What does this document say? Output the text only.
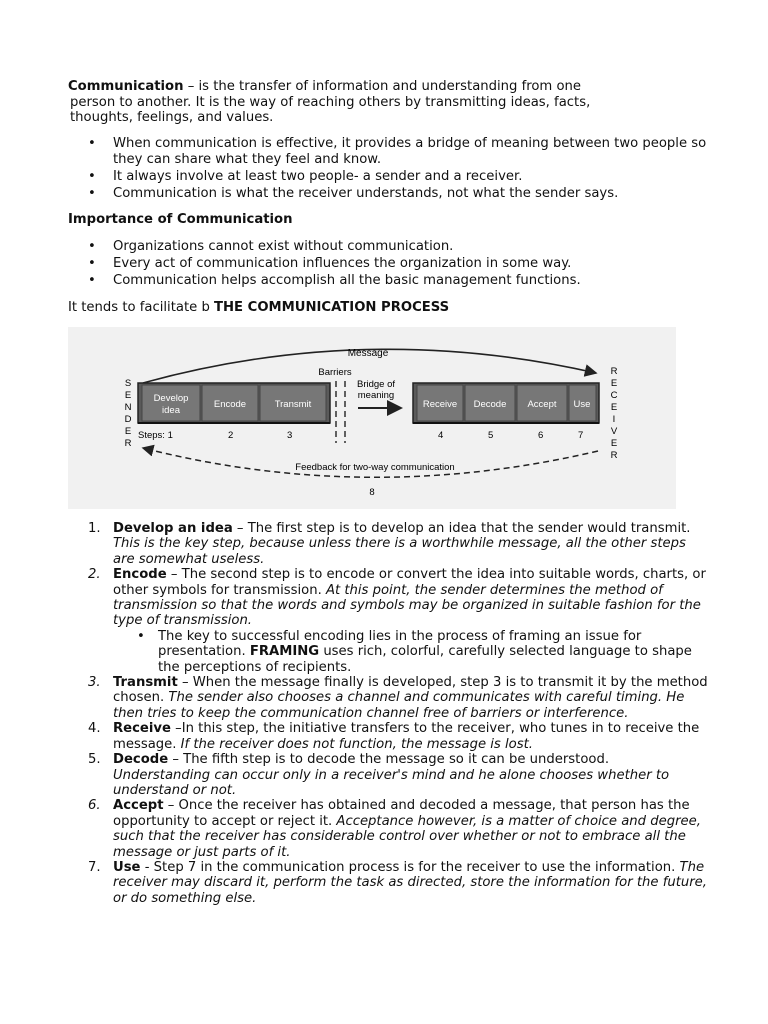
Communication – is the transfer of information and understanding from one
person to another. It is the way of reaching others by transmitting ideas, facts,
thoughts, feelings, and values.
• When communication is effective, it provides a bridge of meaning between two people so they can share what they feel and know.
• It always involve at least two people- a sender and a receiver.
• Communication is what the receiver understands, not what the sender says.
Importance of Communication
• Organizations cannot exist without communication.
• Every act of communication influences the organization in some way.
• Communication helps accomplish all the basic management functions.
It tends to facilitate b THE COMMUNICATION PROCESS
Message
S
E
N
D
E
R
R
E
C
E
I
V
E
R
Develop
idea
Encode	Transmit
Barriers
Bridge of
meaning
Receive Decode Accept Use
Steps: 1	2	3	4	5	6	7
Feedback for two-way communication
8
1. Develop an idea – The first step is to develop an idea that the sender would transmit. This is the key step, because unless there is a worthwhile message, all the other steps are somewhat useless.
2. Encode – The second step is to encode or convert the idea into suitable words, charts, or other symbols for transmission. At this point, the sender determines the method of transmission so that the words and symbols may be organized in suitable fashion for the type of transmission.
• The key to successful encoding lies in the process of framing an issue for presentation. FRAMING uses rich, colorful, carefully selected language to shape the perceptions of recipients.
3. Transmit – When the message finally is developed, step 3 is to transmit it by the method chosen. The sender also chooses a channel and communicates with careful timing. He then tries to keep the communication channel free of barriers or interference.
4. Receive –In this step, the initiative transfers to the receiver, who tunes in to receive the message. If the receiver does not function, the message is lost.
5. Decode – The fifth step is to decode the message so it can be understood. Understanding can occur only in a receiver's mind and he alone chooses whether to understand or not.
6. Accept – Once the receiver has obtained and decoded a message, that person has the opportunity to accept or reject it. Acceptance however, is a matter of choice and degree, such that the receiver has considerable control over whether or not to embrace all the message or just parts of it.
7. Use - Step 7 in the communication process is for the receiver to use the information. The receiver may discard it, perform the task as directed, store the information for the future, or do something else.
